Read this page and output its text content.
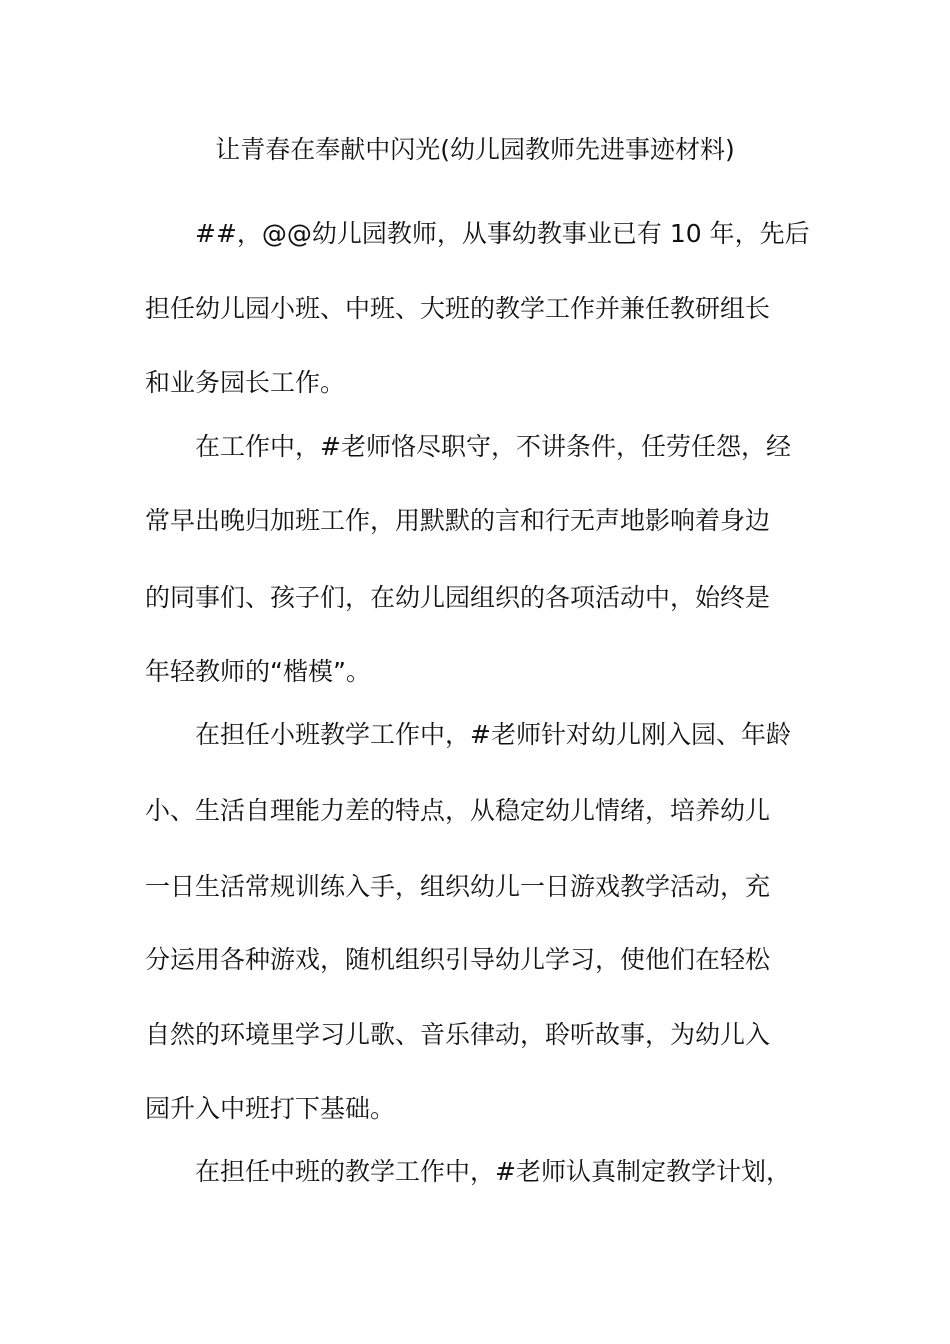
让青春在奉献中闪光(幼儿园教师先进事迹材料)
##，@@幼儿园教师，从事幼教事业已有 10 年，先后
担任幼儿园小班、中班、大班的教学工作并兼任教研组长
和业务园长工作。
在工作中，#老师恪尽职守，不讲条件，任劳任怨，经
常早出晚归加班工作，用默默的言和行无声地影响着身边
的同事们、孩子们，在幼儿园组织的各项活动中，始终是
年轻教师的“楷模”。
在担任小班教学工作中，#老师针对幼儿刚入园、年龄
小、生活自理能力差的特点，从稳定幼儿情绪，培养幼儿
一日生活常规训练入手，组织幼儿一日游戏教学活动，充
分运用各种游戏，随机组织引导幼儿学习，使他们在轻松
自然的环境里学习儿歌、音乐律动，聆听故事，为幼儿入
园升入中班打下基础。
在担任中班的教学工作中，#老师认真制定教学计划，
